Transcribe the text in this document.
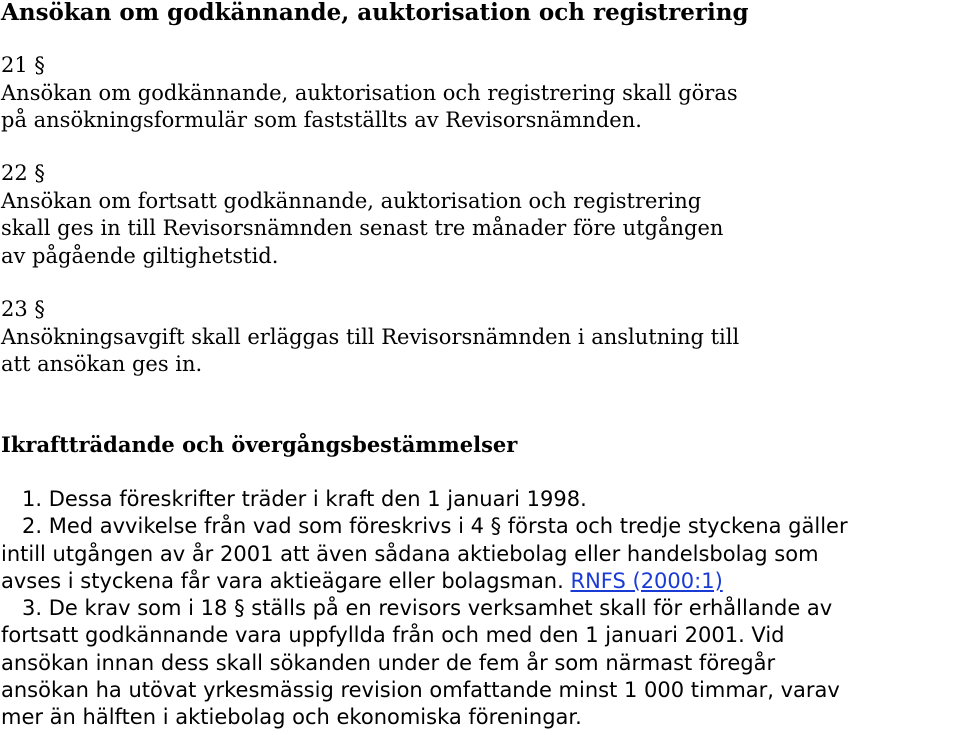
Ansökan om godkännande, auktorisation och registrering
21 §
Ansökan om godkännande, auktorisation och registrering skall göras
på ansökningsformulär som fastställts av Revisorsnämnden.
22 §
Ansökan om fortsatt godkännande, auktorisation och registrering
skall ges in till Revisorsnämnden senast tre månader före utgången
av pågående giltighetstid.
23 §
Ansökningsavgift skall erläggas till Revisorsnämnden i anslutning till
att ansökan ges in.
Ikraftträdande och övergångsbestämmelser
1. Dessa föreskrifter träder i kraft den 1 januari 1998.
2. Med avvikelse från vad som föreskrivs i 4 § första och tredje styckena gäller
intill utgången av år 2001 att även sådana aktiebolag eller handelsbolag som
avses i styckena får vara aktieägare eller bolagsman. RNFS (2000:1)
3. De krav som i 18 § ställs på en revisors verksamhet skall för erhållande av
fortsatt godkännande vara uppfyllda från och med den 1 januari 2001. Vid
ansökan innan dess skall sökanden under de fem år som närmast föregår
ansökan ha utövat yrkesmässig revision omfattande minst 1 000 timmar, varav
mer än hälften i aktiebolag och ekonomiska föreningar.
